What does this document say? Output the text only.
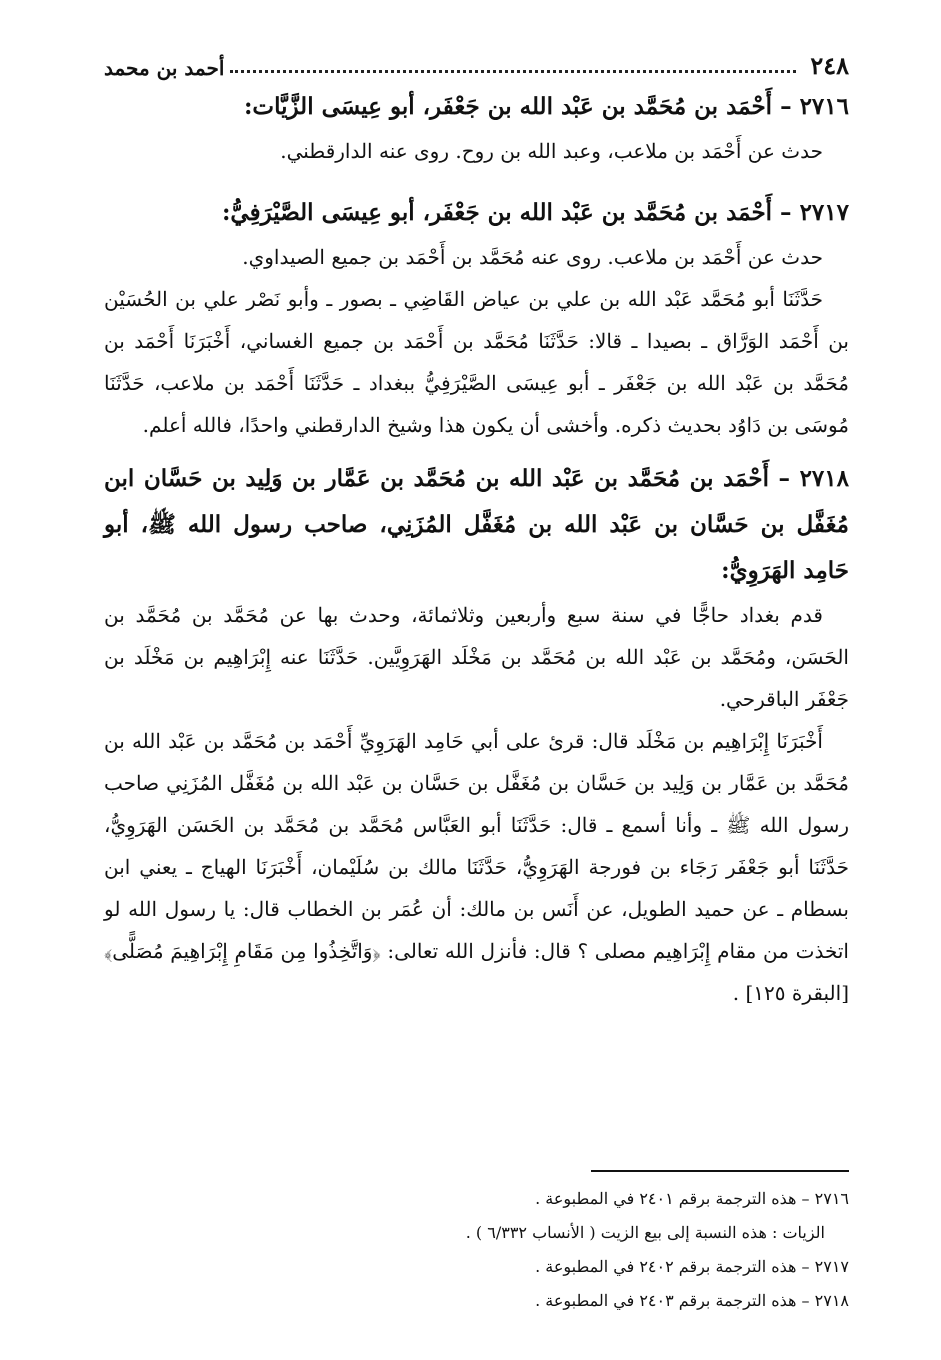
٢٤٨
أحمد بن محمد
٢٧١٦ – أَحْمَد بن مُحَمَّد بن عَبْد الله بن جَعْفَر، أبو عِيسَى الزَّيَّات:

حدث عن أَحْمَد بن ملاعب، وعبد الله بن روح. روى عنه الدارقطني.

٢٧١٧ – أَحْمَد بن مُحَمَّد بن عَبْد الله بن جَعْفَر، أبو عِيسَى الصَّيْرَفِيُّ:

حدث عن أَحْمَد بن ملاعب. روى عنه مُحَمَّد بن أَحْمَد بن جميع الصيداوي.

حَدَّثَنَا أبو مُحَمَّد عَبْد الله بن علي بن عياض القَاضِي ـ بصور ـ وأبو نَصْر علي بن الحُسَيْن بن أَحْمَد الوَرَّاق ـ بصيدا ـ قالا: حَدَّثَنَا مُحَمَّد بن أَحْمَد بن جميع الغساني، أَخْبَرَنَا أَحْمَد بن مُحَمَّد بن عَبْد الله بن جَعْفَر ـ أبو عِيسَى الصَّيْرَفِيُّ ببغداد ـ حَدَّثَنَا أَحْمَد بن ملاعب، حَدَّثَنَا مُوسَى بن دَاوُد بحديث ذكره. وأخشى أن يكون هذا وشيخ الدارقطني واحدًا، فالله أعلم.

٢٧١٨ – أَحْمَد بن مُحَمَّد بن عَبْد الله بن مُحَمَّد بن عَمَّار بن وَلِيد بن حَسَّان ابن مُغَفَّل بن حَسَّان بن عَبْد الله بن مُغَفَّل المُزَنِي، صاحب رسول الله ﷺ، أبو حَامِد الهَرَوِيُّ:

قدم بغداد حاجًّا في سنة سبع وأربعين وثلاثمائة، وحدث بها عن مُحَمَّد بن مُحَمَّد بن الحَسَن، ومُحَمَّد بن عَبْد الله بن مُحَمَّد بن مَخْلَد الهَرَوِيَّين. حَدَّثَنَا عنه إِبْرَاهِيم بن مَخْلَد بن جَعْفَر الباقرحي.

أَخْبَرَنَا إِبْرَاهِيم بن مَخْلَد قال: قرئ على أبي حَامِد الهَرَوِيِّ أَحْمَد بن مُحَمَّد بن عَبْد الله بن مُحَمَّد بن عَمَّار بن وَلِيد بن حَسَّان بن مُغَفَّل بن حَسَّان بن عَبْد الله بن مُغَفَّل المُزَنِي صاحب رسول الله ﷺ ـ وأنا أسمع ـ قال: حَدَّثَنَا أبو العَبَّاس مُحَمَّد بن مُحَمَّد بن الحَسَن الهَرَوِيُّ، حَدَّثَنَا أبو جَعْفَر رَجَاء بن فورجة الهَرَوِيُّ، حَدَّثَنَا مالك بن سُلَيْمان، أَخْبَرَنَا الهياج ـ يعني ابن بسطام ـ عن حميد الطويل، عن أَنَس بن مالك: أن عُمَر بن الخطاب قال: يا رسول الله لو اتخذت من مقام إِبْرَاهِيم مصلى ؟ قال: فأنزل الله تعالى: ﴿وَاتَّخِذُوا مِن مَقَامِ إِبْرَاهِيمَ مُصَلًّى﴾ [البقرة ١٢٥] .

٢٧١٦ – هذه الترجمة برقم ٢٤٠١ في المطبوعة .
الزيات : هذه النسبة إلى بيع الزيت ( الأنساب ٦/٣٣٢ ) .
٢٧١٧ – هذه الترجمة برقم ٢٤٠٢ في المطبوعة .
٢٧١٨ – هذه الترجمة برقم ٢٤٠٣ في المطبوعة .
